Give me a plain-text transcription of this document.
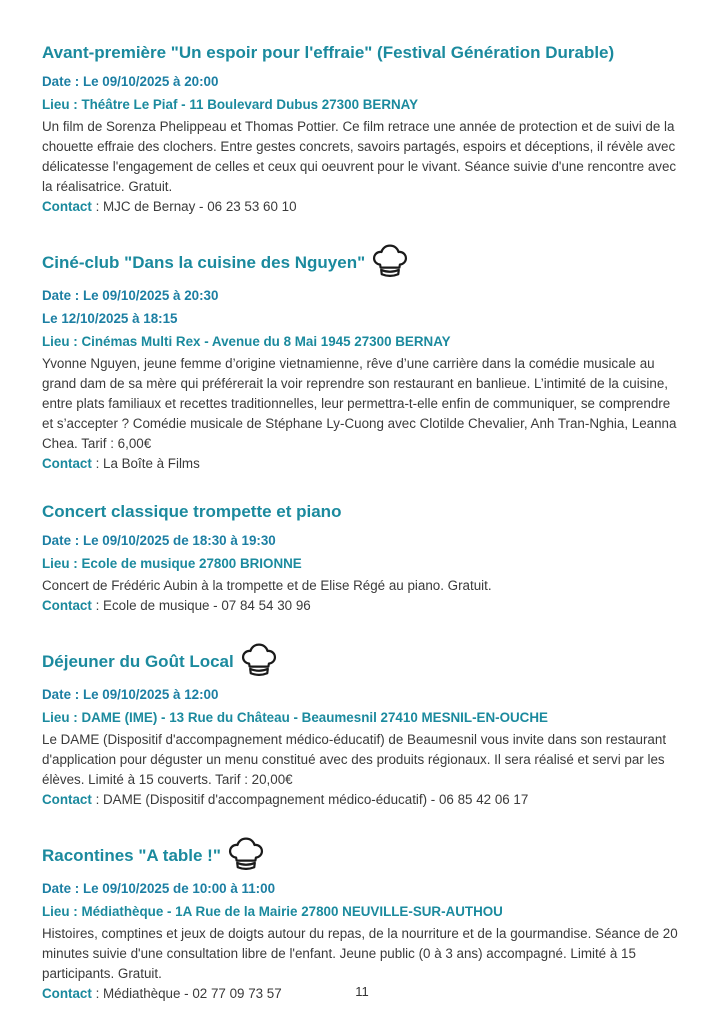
Avant-première "Un espoir pour l'effraie" (Festival Génération Durable)

Date : Le 09/10/2025 à 20:00

Lieu : Théâtre Le Piaf - 11 Boulevard Dubus 27300 BERNAY

Un film de Sorenza Phelippeau et Thomas Pottier. Ce film retrace une année de protection et de suivi de la chouette effraie des clochers. Entre gestes concrets, savoirs partagés, espoirs et déceptions, il révèle avec délicatesse l'engagement de celles et ceux qui oeuvrent pour le vivant. Séance suivie d'une rencontre avec la réalisatrice. Gratuit.

Contact : MJC de Bernay - 06 23 53 60 10

Ciné-club "Dans la cuisine des Nguyen"

Date : Le 09/10/2025 à 20:30

Le 12/10/2025 à 18:15

Lieu : Cinémas Multi Rex - Avenue du 8 Mai 1945 27300 BERNAY

Yvonne Nguyen, jeune femme d’origine vietnamienne, rêve d’une carrière dans la comédie musicale au grand dam de sa mère qui préférerait la voir reprendre son restaurant en banlieue. L’intimité de la cuisine, entre plats familiaux et recettes traditionnelles, leur permettra-t-elle enfin de communiquer, se comprendre et s’accepter ? Comédie musicale de Stéphane Ly-Cuong avec Clotilde Chevalier, Anh Tran-Nghia, Leanna Chea. Tarif : 6,00€

Contact : La Boîte à Films

Concert classique trompette et piano

Date : Le 09/10/2025 de 18:30 à 19:30

Lieu : Ecole de musique 27800 BRIONNE

Concert de Frédéric Aubin à la trompette et de Elise Régé au piano. Gratuit.

Contact : Ecole de musique - 07 84 54 30 96

Déjeuner du Goût Local

Date : Le 09/10/2025 à 12:00

Lieu : DAME (IME) - 13 Rue du Château - Beaumesnil 27410 MESNIL-EN-OUCHE

Le DAME (Dispositif d'accompagnement médico-éducatif) de Beaumesnil vous invite dans son restaurant d'application pour déguster un menu constitué avec des produits régionaux. Il sera réalisé et servi par les élèves. Limité à 15 couverts. Tarif : 20,00€

Contact : DAME (Dispositif d'accompagnement médico-éducatif) - 06 85 42 06 17

Racontines "A table !"

Date : Le 09/10/2025 de 10:00 à 11:00

Lieu : Médiathèque - 1A Rue de la Mairie 27800 NEUVILLE-SUR-AUTHOU

Histoires, comptines et jeux de doigts autour du repas, de la nourriture et de la gourmandise. Séance de 20 minutes suivie d'une consultation libre de l'enfant. Jeune public (0 à 3 ans) accompagné. Limité à 15 participants. Gratuit.

Contact : Médiathèque - 02 77 09 73 57	11
